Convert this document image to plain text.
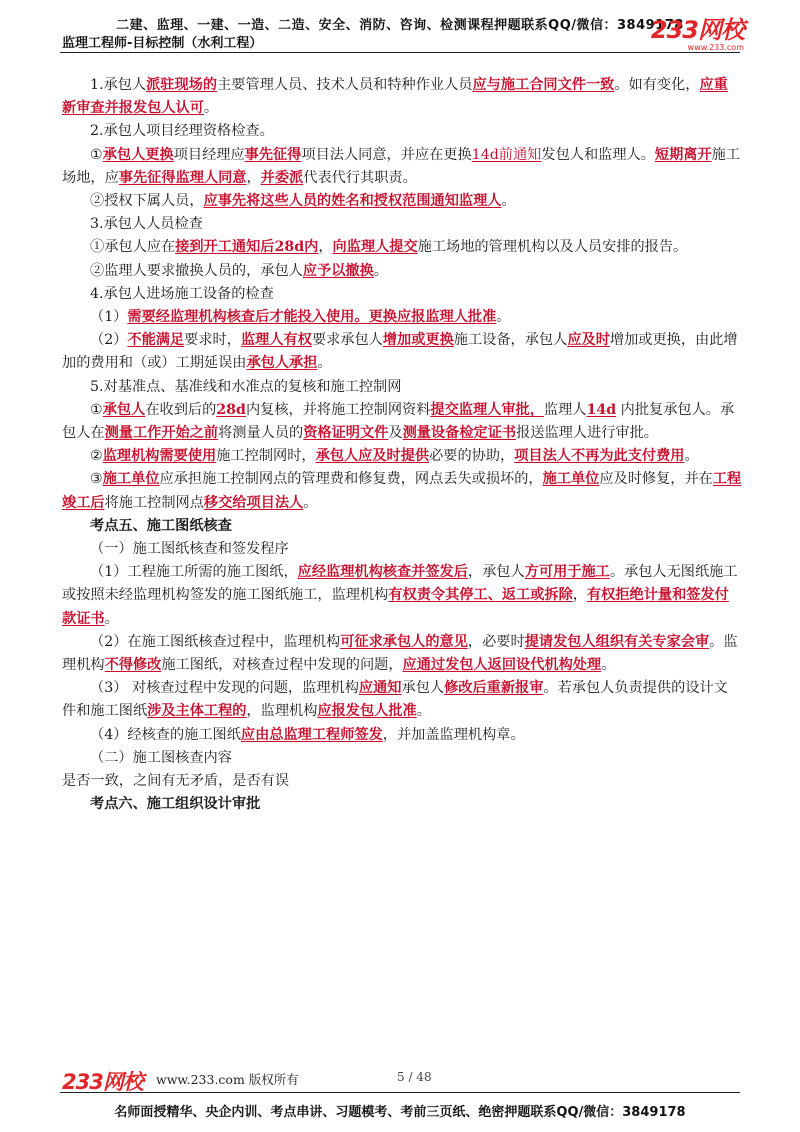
二建、监理、一建、一造、二造、安全、消防、咨询、检测课程押题联系QQ/微信：3849178
监理工程师-目标控制（水利工程）	233网校
www.233.com

1.承包人派驻现场的主要管理人员、技术人员和特种作业人员应与施工合同文件一致。如有变化，应重新审查并报发包人认可。

2.承包人项目经理资格检查。

①承包人更换项目经理应事先征得项目法人同意，并应在更换14d前通知发包人和监理人。短期离开施工场地，应事先征得监理人同意，并委派代表代行其职责。

②授权下属人员，应事先将这些人员的姓名和授权范围通知监理人。

3.承包人人员检查

①承包人应在接到开工通知后28d内，向监理人提交施工场地的管理机构以及人员安排的报告。

②监理人要求撤换人员的，承包人应予以撤换。

4.承包人进场施工设备的检查

（1）需要经监理机构核查后才能投入使用。更换应报监理人批准。

（2）不能满足要求时，监理人有权要求承包人增加或更换施工设备，承包人应及时增加或更换，由此增加的费用和（或）工期延误由承包人承担。

5.对基准点、基准线和水准点的复核和施工控制网

①承包人在收到后的28d内复核，并将施工控制网资料提交监理人审批，监理人14d 内批复承包人。承包人在测量工作开始之前将测量人员的资格证明文件及测量设备检定证书报送监理人进行审批。

②监理机构需要使用施工控制网时，承包人应及时提供必要的协助，项目法人不再为此支付费用。

③施工单位应承担施工控制网点的管理费和修复费，网点丢失或损坏的，施工单位应及时修复，并在工程竣工后将施工控制网点移交给项目法人。

考点五、施工图纸核查

（一）施工图纸核查和签发程序

（1）工程施工所需的施工图纸，应经监理机构核查并签发后，承包人方可用于施工。承包人无图纸施工或按照未经监理机构签发的施工图纸施工，监理机构有权责令其停工、返工或拆除，有权拒绝计量和签发付款证书。

（2）在施工图纸核查过程中，监理机构可征求承包人的意见，必要时提请发包人组织有关专家会审。监理机构不得修改施工图纸，对核查过程中发现的问题，应通过发包人返回设代机构处理。

（3） 对核查过程中发现的问题，监理机构应通知承包人修改后重新报审。若承包人负责提供的设计文件和施工图纸涉及主体工程的，监理机构应报发包人批准。

（4）经核查的施工图纸应由总监理工程师签发，并加盖监理机构章。

（二）施工图核查内容

是否一致，之间有无矛盾，是否有误

考点六、施工组织设计审批

233网校 www.233.com 版权所有	5 / 48
名师面授精华、央企内训、考点串讲、习题模考、考前三页纸、绝密押题联系QQ/微信：3849178
